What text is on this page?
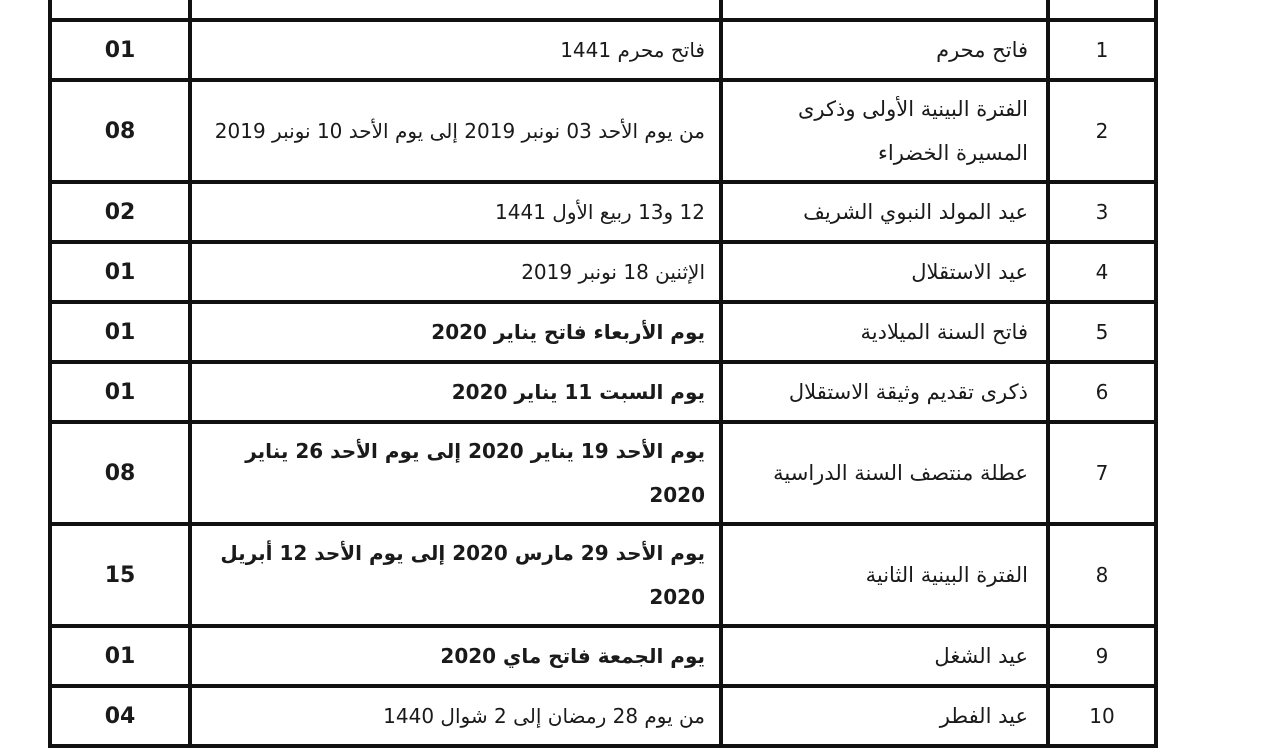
1	فاتح محرم	فاتح محرم 1441	01
2	الفترة البينية الأولى وذكرى المسيرة الخضراء	من يوم الأحد 03 نونبر 2019 إلى يوم الأحد 10 نونبر 2019	08
3	عيد المولد النبوي الشريف	12 و13 ربيع الأول 1441	02
4	عيد الاستقلال	الإثنين 18 نونبر 2019	01
5	فاتح السنة الميلادية	يوم الأربعاء فاتح يناير 2020	01
6	ذكرى تقديم وثيقة الاستقلال	يوم السبت 11 يناير 2020	01
7	عطلة منتصف السنة الدراسية	يوم الأحد 19 يناير 2020 إلى يوم الأحد 26 يناير 2020	08
8	الفترة البينية الثانية	يوم الأحد 29 مارس 2020 إلى يوم الأحد 12 أبريل 2020	15
9	عيد الشغل	يوم الجمعة فاتح ماي 2020	01
10	عيد الفطر	من يوم 28 رمضان إلى 2 شوال 1440	04
